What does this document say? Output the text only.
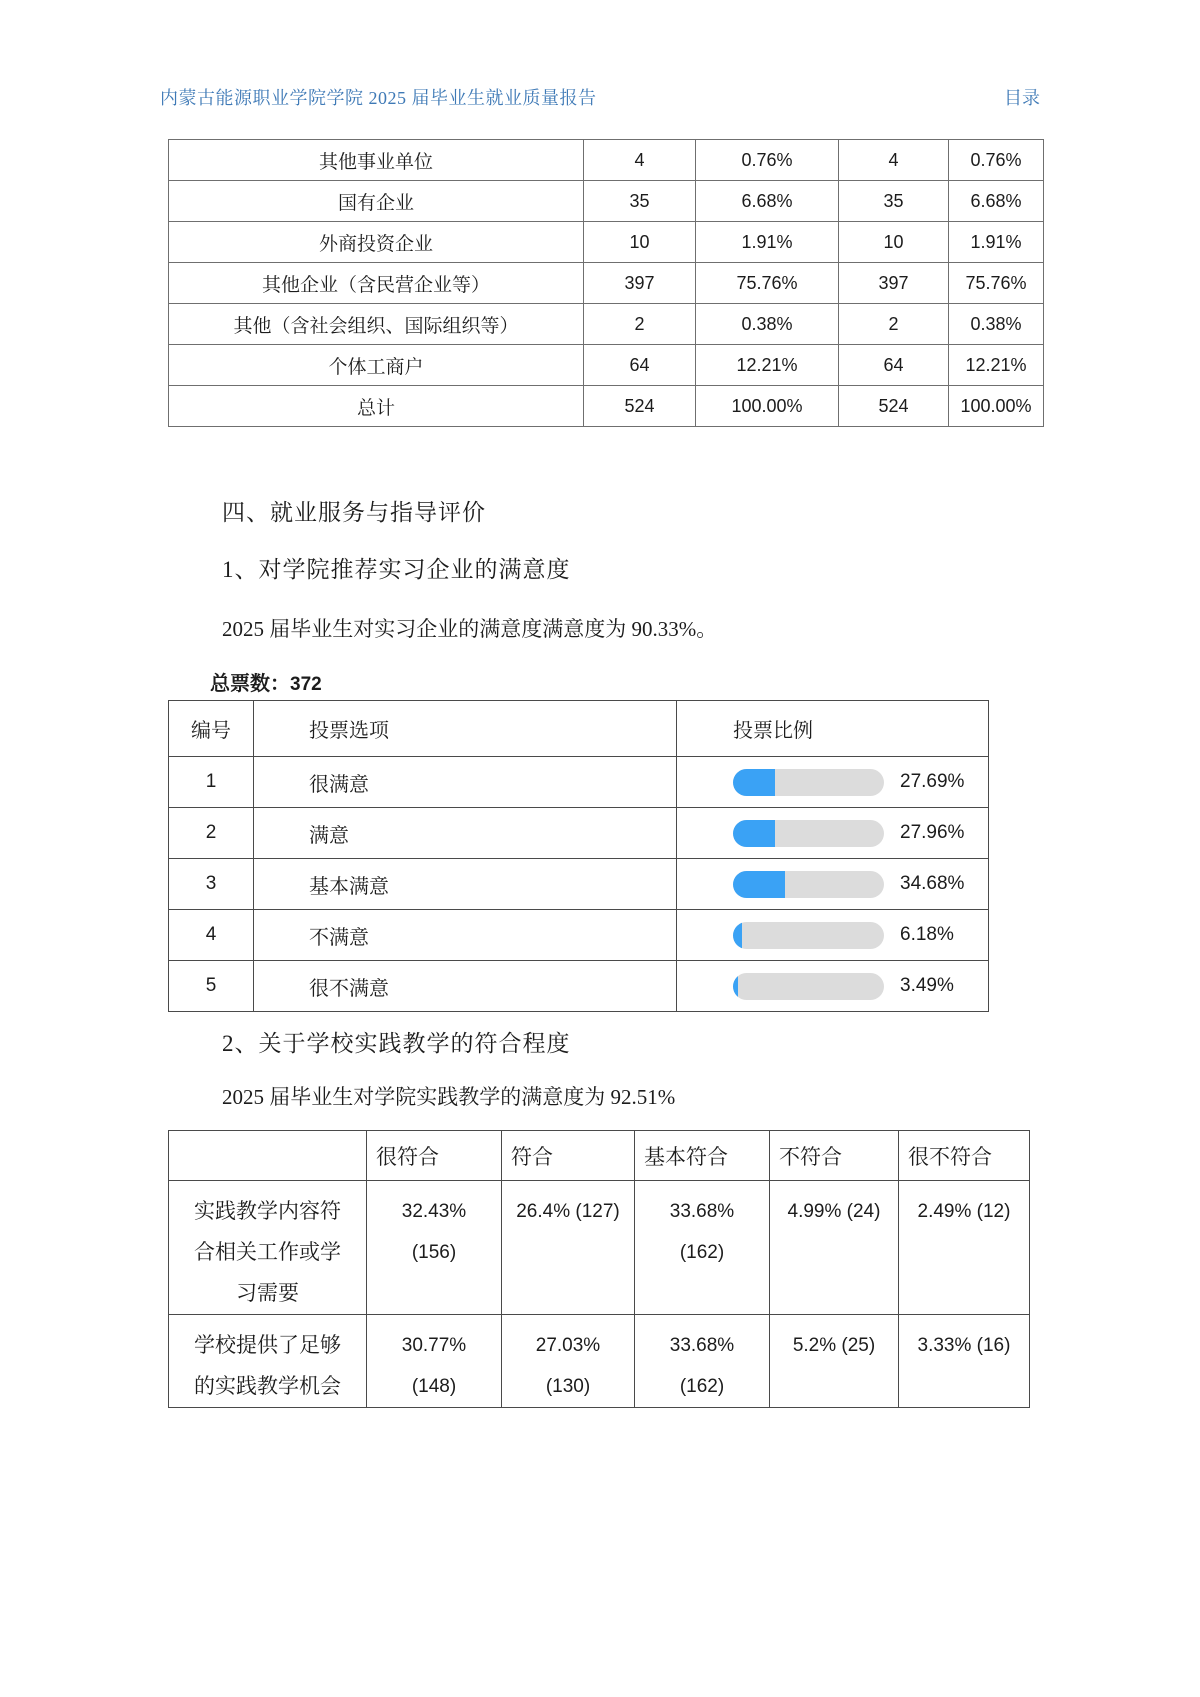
内蒙古能源职业学院学院 2025 届毕业生就业质量报告	目录
其他事业单位	4	0.76%	4	0.76%
国有企业	35	6.68%	35	6.68%
外商投资企业	10	1.91%	10	1.91%
其他企业（含民营企业等）	397	75.76%	397	75.76%
其他（含社会组织、国际组织等）	2	0.38%	2	0.38%
个体工商户	64	12.21%	64	12.21%
总计	524	100.00%	524	100.00%
四、就业服务与指导评价
1、对学院推荐实习企业的满意度
2025 届毕业生对实习企业的满意度满意度为 90.33%。
总票数：372
编号	投票选项	投票比例
1	很满意	27.69%

2	满意	27.96%

3	基本满意	34.68%

4	不满意	6.18%

5	很不满意	3.49%
2、关于学校实践教学的符合程度
2025 届毕业生对学院实践教学的满意度为 92.51%
	很符合	符合	基本符合	不符合	很不符合
实践教学内容符合相关工作或学习需要	32.43% (156)	26.4% (127)	33.68% (162)	4.99% (24)	2.49% (12)
学校提供了足够的实践教学机会	30.77% (148)	27.03% (130)	33.68% (162)	5.2% (25)	3.33% (16)
